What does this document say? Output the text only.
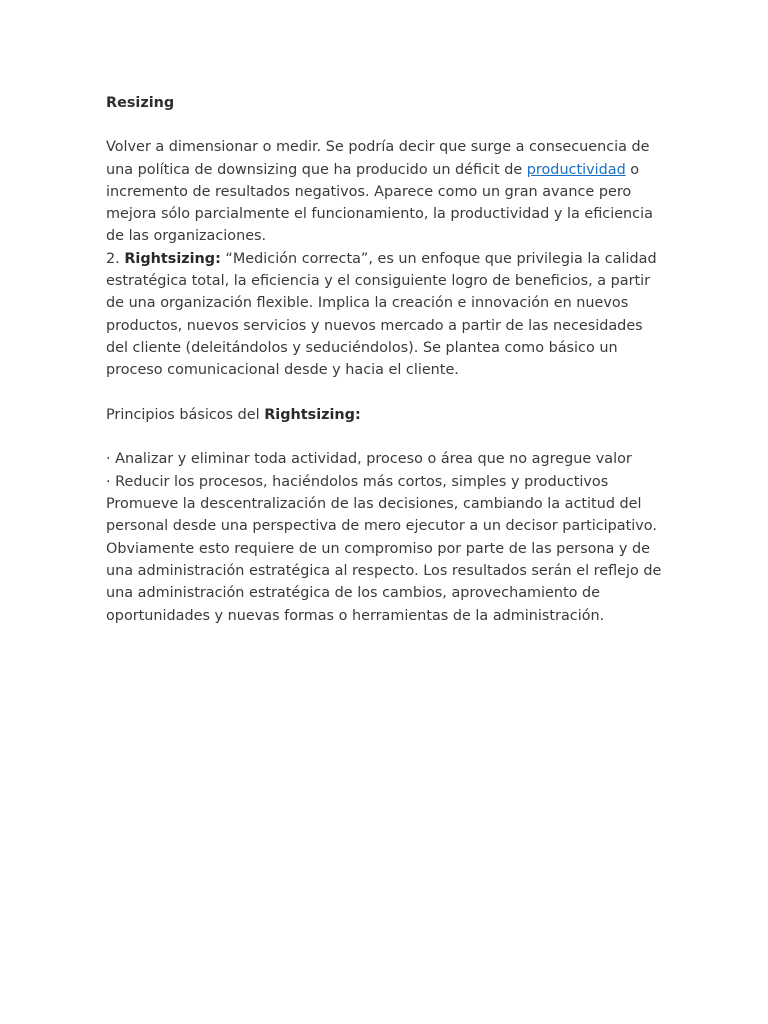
Resizing

Volver a dimensionar o medir. Se podría decir que surge a consecuencia de una política de downsizing que ha producido un déficit de productividad o incremento de resultados negativos. Aparece como un gran avance pero mejora sólo parcialmente el funcionamiento, la productividad y la eficiencia de las organizaciones.

2. Rightsizing: “Medición correcta”, es un enfoque que privilegia la calidad estratégica total, la eficiencia y el consiguiente logro de beneficios, a partir de una organización flexible. Implica la creación e innovación en nuevos productos, nuevos servicios y nuevos mercado a partir de las necesidades del cliente (deleitándolos y seduciéndolos). Se plantea como básico un proceso comunicacional desde y hacia el cliente.

Principios básicos del Rightsizing:

· Analizar y eliminar toda actividad, proceso o área que no agregue valor

· Reducir los procesos, haciéndolos más cortos, simples y productivos

Promueve la descentralización de las decisiones, cambiando la actitud del personal desde una perspectiva de mero ejecutor a un decisor participativo. Obviamente esto requiere de un compromiso por parte de las persona y de una administración estratégica al respecto. Los resultados serán el reflejo de una administración estratégica de los cambios, aprovechamiento de oportunidades y nuevas formas o herramientas de la administración.
